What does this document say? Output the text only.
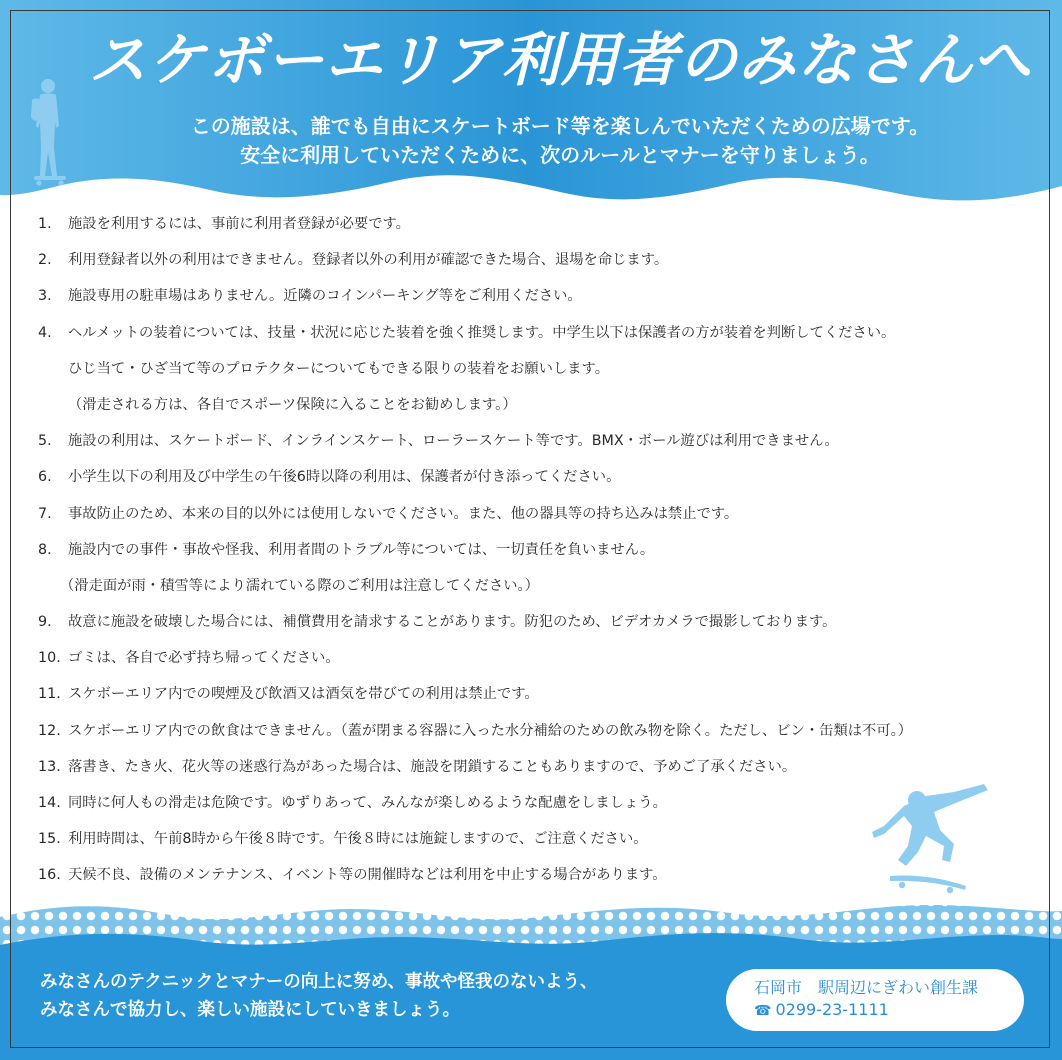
スケボーエリア利用者のみなさんへ

この施設は、誰でも自由にスケートボード等を楽しんでいただくための広場です。

安全に利用していただくために、次のルールとマナーを守りましょう。

1. 施設を利用するには、事前に利用者登録が必要です。
2. 利用登録者以外の利用はできません。登録者以外の利用が確認できた場合、退場を命じます。
3. 施設専用の駐車場はありません。近隣のコインパーキング等をご利用ください。
4. ヘルメットの装着については、技量・状況に応じた装着を強く推奨します。中学生以下は保護者の方が装着を判断してください。
ひじ当て・ひざ当て等のプロテクターについてもできる限りの装着をお願いします。
（滑走される方は、各自でスポーツ保険に入ることをお勧めします。）
5. 施設の利用は、スケートボード、インラインスケート、ローラースケート等です。BMX・ボール遊びは利用できません。
6. 小学生以下の利用及び中学生の午後6時以降の利用は、保護者が付き添ってください。
7. 事故防止のため、本来の目的以外には使用しないでください。また、他の器具等の持ち込みは禁止です。
8. 施設内での事件・事故や怪我、利用者間のトラブル等については、一切責任を負いません。
（滑走面が雨・積雪等により濡れている際のご利用は注意してください。）
9. 故意に施設を破壊した場合には、補償費用を請求することがあります。防犯のため、ビデオカメラで撮影しております。
10. ゴミは、各自で必ず持ち帰ってください。
11. スケボーエリア内での喫煙及び飲酒又は酒気を帯びての利用は禁止です。
12. スケボーエリア内での飲食はできません。（蓋が閉まる容器に入った水分補給のための飲み物を除く。ただし、ビン・缶類は不可。）
13. 落書き、たき火、花火等の迷惑行為があった場合は、施設を閉鎖することもありますので、予めご了承ください。
14. 同時に何人もの滑走は危険です。ゆずりあって、みんなが楽しめるような配慮をしましょう。
15. 利用時間は、午前8時から午後８時です。午後８時には施錠しますので、ご注意ください。
16. 天候不良、設備のメンテナンス、イベント等の開催時などは利用を中止する場合があります。

みなさんのテクニックとマナーの向上に努め、事故や怪我のないよう、

みなさんで協力し、楽しい施設にしていきましょう。

石岡市　駅周辺にぎわい創生課
☎ 0299-23-1111
